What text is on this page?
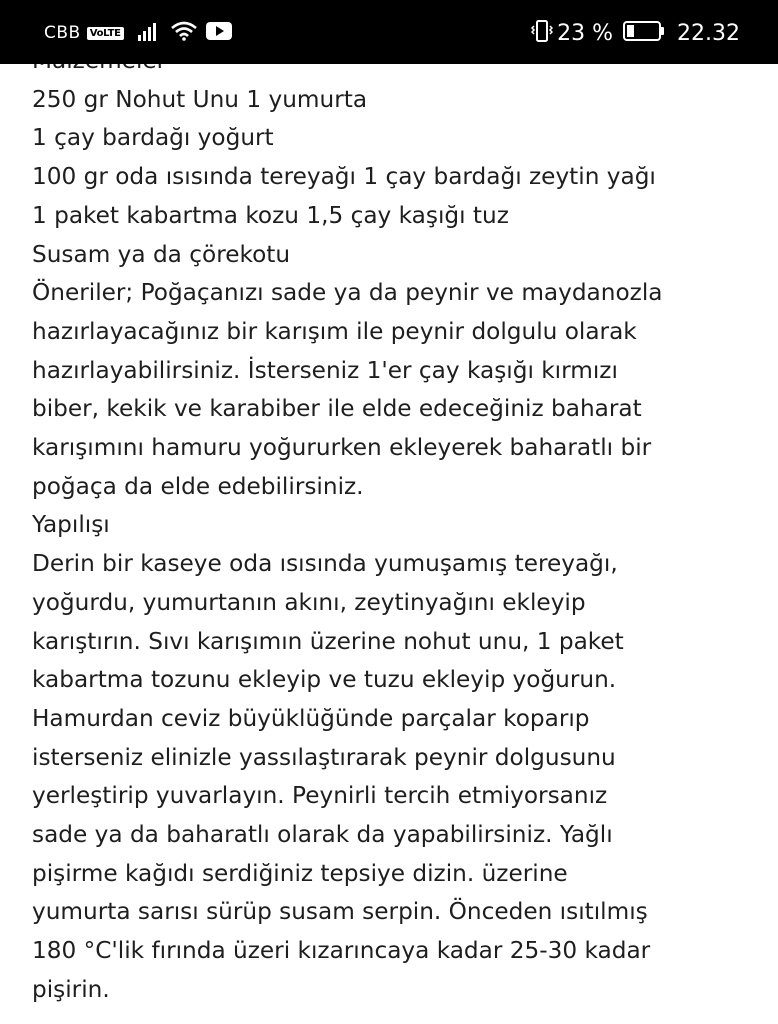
CBB VoLTE	23 %	22.32
250 gr Nohut Unu 1 yumurta
1 çay bardağı yoğurt
100 gr oda ısısında tereyağı 1 çay bardağı zeytin yağı
1 paket kabartma kozu 1,5 çay kaşığı tuz
Susam ya da çörekotu
Öneriler; Poğaçanızı sade ya da peynir ve maydanozla
hazırlayacağınız bir karışım ile peynir dolgulu olarak
hazırlayabilirsiniz. İsterseniz 1'er çay kaşığı kırmızı
biber, kekik ve karabiber ile elde edeceğiniz baharat
karışımını hamuru yoğururken ekleyerek baharatlı bir
poğaça da elde edebilirsiniz.
Yapılışı
Derin bir kaseye oda ısısında yumuşamış tereyağı,
yoğurdu, yumurtanın akını, zeytinyağını ekleyip
karıştırın. Sıvı karışımın üzerine nohut unu, 1 paket
kabartma tozunu ekleyip ve tuzu ekleyip yoğurun.
Hamurdan ceviz büyüklüğünde parçalar koparıp
isterseniz elinizle yassılaştırarak peynir dolgusunu
yerleştirip yuvarlayın. Peynirli tercih etmiyorsanız
sade ya da baharatlı olarak da yapabilirsiniz. Yağlı
pişirme kağıdı serdiğiniz tepsiye dizin. üzerine
yumurta sarısı sürüp susam serpin. Önceden ısıtılmış
180 °C'lik fırında üzeri kızarıncaya kadar 25-30 kadar
pişirin.
